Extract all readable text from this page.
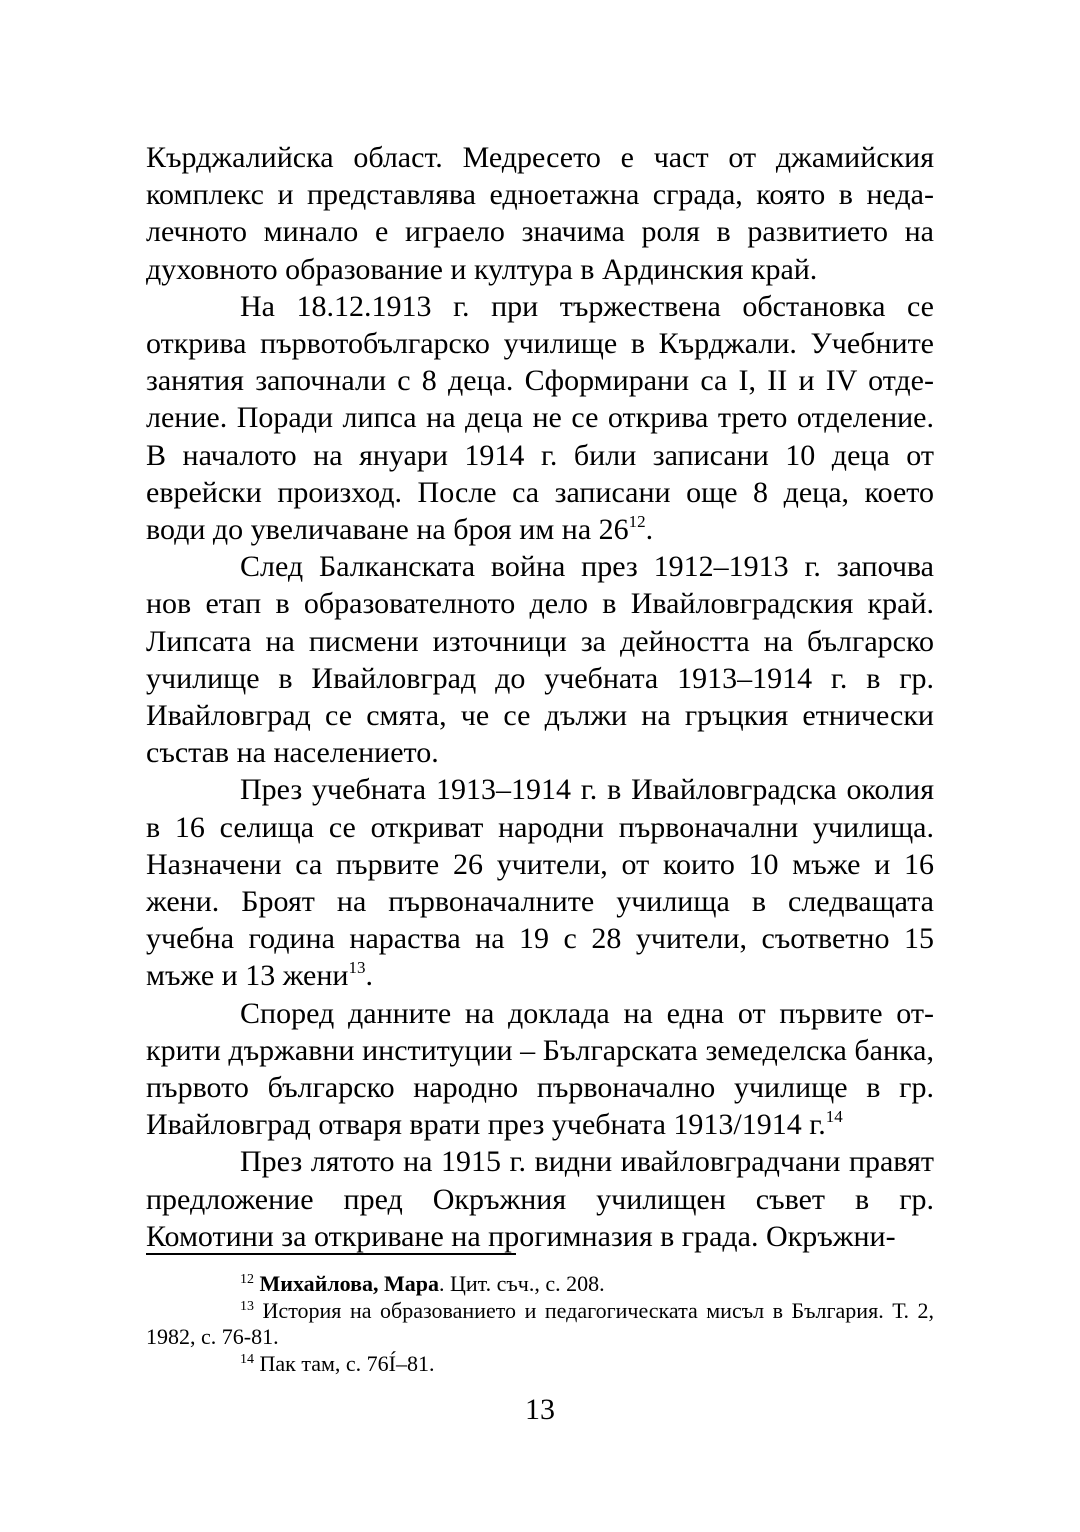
Кърджалийска област. Медресето е част от джамийския комплекс и представлява едноетажна сграда, която в недалечното минало е играело значима роля в развитието на духовното образование и култура в Ардинския край.

На 18.12.1913 г. при тържествена обстановка се открива първотобългарско училище в Кърджали. Учебните занятия започнали с 8 деца. Сформирани са I, II и IV отделение. Поради липса на деца не се открива трето отделение. В началото на януари 1914 г. били записани 10 деца от еврейски произход. После са записани още 8 деца, което води до увеличаване на броя им на $26^{12}$.

След Балканската война през 1912–1913 г. започва нов етап в образователното дело в Ивайловградския край. Липсата на писмени източници за дейността на българско училище в Ивайловград до учебната 1913–1914 г. в гр. Ивайловград се смята, че се дължи на гръцкия етнически състав на населението.

През учебната 1913–1914 г. в Ивайловградска околия в 16 селища се откриват народни първоначални училища. Назначени са първите 26 учители, от които 10 мъже и 16 жени. Броят на първоначалните училища в следващата учебна година нараства на 19 с 28 учители, съответно 15 мъже и 13 жени$^{13}$.

Според данните на доклада на една от първите открити държавни институции – Българската земеделска банка, първото българско народно първоначално училище в гр. Ивайловград отваря врати през учебната 1913/1914 г.$^{14}$

През лятото на 1915 г. видни ивайловградчани правят предложение пред Окръжния училищен съвет в гр. Комотини за откриване на прогимназия в града. Окръжни-

$^{12}$ Михайлова, Мара. Цит. съч., с. 208.

$^{13}$ История на образованието и педагогическата мисъл в България. Т. 2, 1982, с. 76-81.

$^{14}$ Пак там, с. 76І́–81.

13
